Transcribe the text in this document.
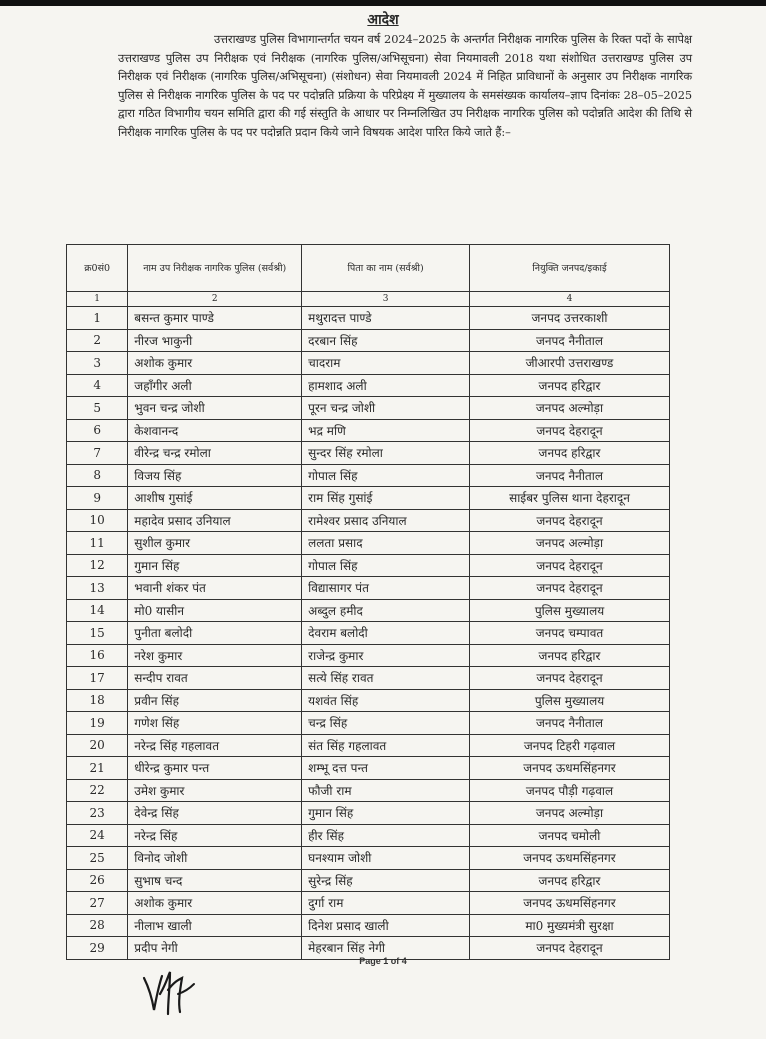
आदेश
उत्तराखण्ड पुलिस विभागान्तर्गत चयन वर्ष 2024–2025 के अन्तर्गत निरीक्षक नागरिक पुलिस के रिक्त पदों के सापेक्ष उत्तराखण्ड पुलिस उप निरीक्षक एवं निरीक्षक (नागरिक पुलिस/अभिसूचना) सेवा नियमावली 2018 यथा संशोधित उत्तराखण्ड पुलिस उप निरीक्षक एवं निरीक्षक (नागरिक पुलिस/अभिसूचना) (संशोधन) सेवा नियमावली 2024 में निहित प्राविधानों के अनुसार उप निरीक्षक नागरिक पुलिस से निरीक्षक नागरिक पुलिस के पद पर पदोन्नति प्रक्रिया के परिप्रेक्ष्य में मुख्यालय के समसंख्यक कार्यालय–ज्ञाप दिनांकः 28–05–2025 द्वारा गठित विभागीय चयन समिति द्वारा की गई संस्तुति के आधार पर निम्नलिखित उप निरीक्षक नागरिक पुलिस को पदोन्नति आदेश की तिथि से निरीक्षक नागरिक पुलिस के पद पर पदोन्नति प्रदान किये जाने विषयक आदेश पारित किये जाते हैं:–
क्र0सं0	नाम उप निरीक्षक नागरिक पुलिस (सर्वश्री)	पिता का नाम (सर्वश्री)	नियुक्ति जनपद/इकाई
1	2	3	4
1	बसन्त कुमार पाण्डे	मथुरादत्त पाण्डे	जनपद उत्तरकाशी
2	नीरज भाकुनी	दरबान सिंह	जनपद नैनीताल
3	अशोक कुमार	चादराम	जीआरपी उत्तराखण्ड
4	जहाँगीर अली	हामशाद अली	जनपद हरिद्वार
5	भुवन चन्द्र जोशी	पूरन चन्द्र जोशी	जनपद अल्मोड़ा
6	केशवानन्द	भद्र मणि	जनपद देहरादून
7	वीरेन्द्र चन्द्र रमोला	सुन्दर सिंह रमोला	जनपद हरिद्वार
8	विजय सिंह	गोपाल सिंह	जनपद नैनीताल
9	आशीष गुसांई	राम सिंह गुसांई	साईबर पुलिस थाना देहरादून
10	महादेव प्रसाद उनियाल	रामेश्वर प्रसाद उनियाल	जनपद देहरादून
11	सुशील कुमार	ललता प्रसाद	जनपद अल्मोड़ा
12	गुमान सिंह	गोपाल सिंह	जनपद देहरादून
13	भवानी शंकर पंत	विद्यासागर पंत	जनपद देहरादून
14	मो0 यासीन	अब्दुल हमीद	पुलिस मुख्यालय
15	पुनीता बलोदी	देवराम बलोदी	जनपद चम्पावत
16	नरेश कुमार	राजेन्द्र कुमार	जनपद हरिद्वार
17	सन्दीप रावत	सत्ये सिंह रावत	जनपद देहरादून
18	प्रवीन सिंह	यशवंत सिंह	पुलिस मुख्यालय
19	गणेश सिंह	चन्द्र सिंह	जनपद नैनीताल
20	नरेन्द्र सिंह गहलावत	संत सिंह गहलावत	जनपद टिहरी गढ़वाल
21	धीरेन्द्र कुमार पन्त	शम्भू दत्त पन्त	जनपद ऊधमसिंहनगर
22	उमेश कुमार	फौजी राम	जनपद पौड़ी गढ़वाल
23	देवेन्द्र सिंह	गुमान सिंह	जनपद अल्मोड़ा
24	नरेन्द्र सिंह	हीर सिंह	जनपद चमोली
25	विनोद जोशी	घनश्याम जोशी	जनपद ऊधमसिंहनगर
26	सुभाष चन्द	सुरेन्द्र सिंह	जनपद हरिद्वार
27	अशोक कुमार	दुर्गा राम	जनपद ऊधमसिंहनगर
28	नीलाभ खाली	दिनेश प्रसाद खाली	मा0 मुख्यमंत्री सुरक्षा
29	प्रदीप नेगी	मेहरबान सिंह नेगी	जनपद देहरादून
Page 1 of 4
